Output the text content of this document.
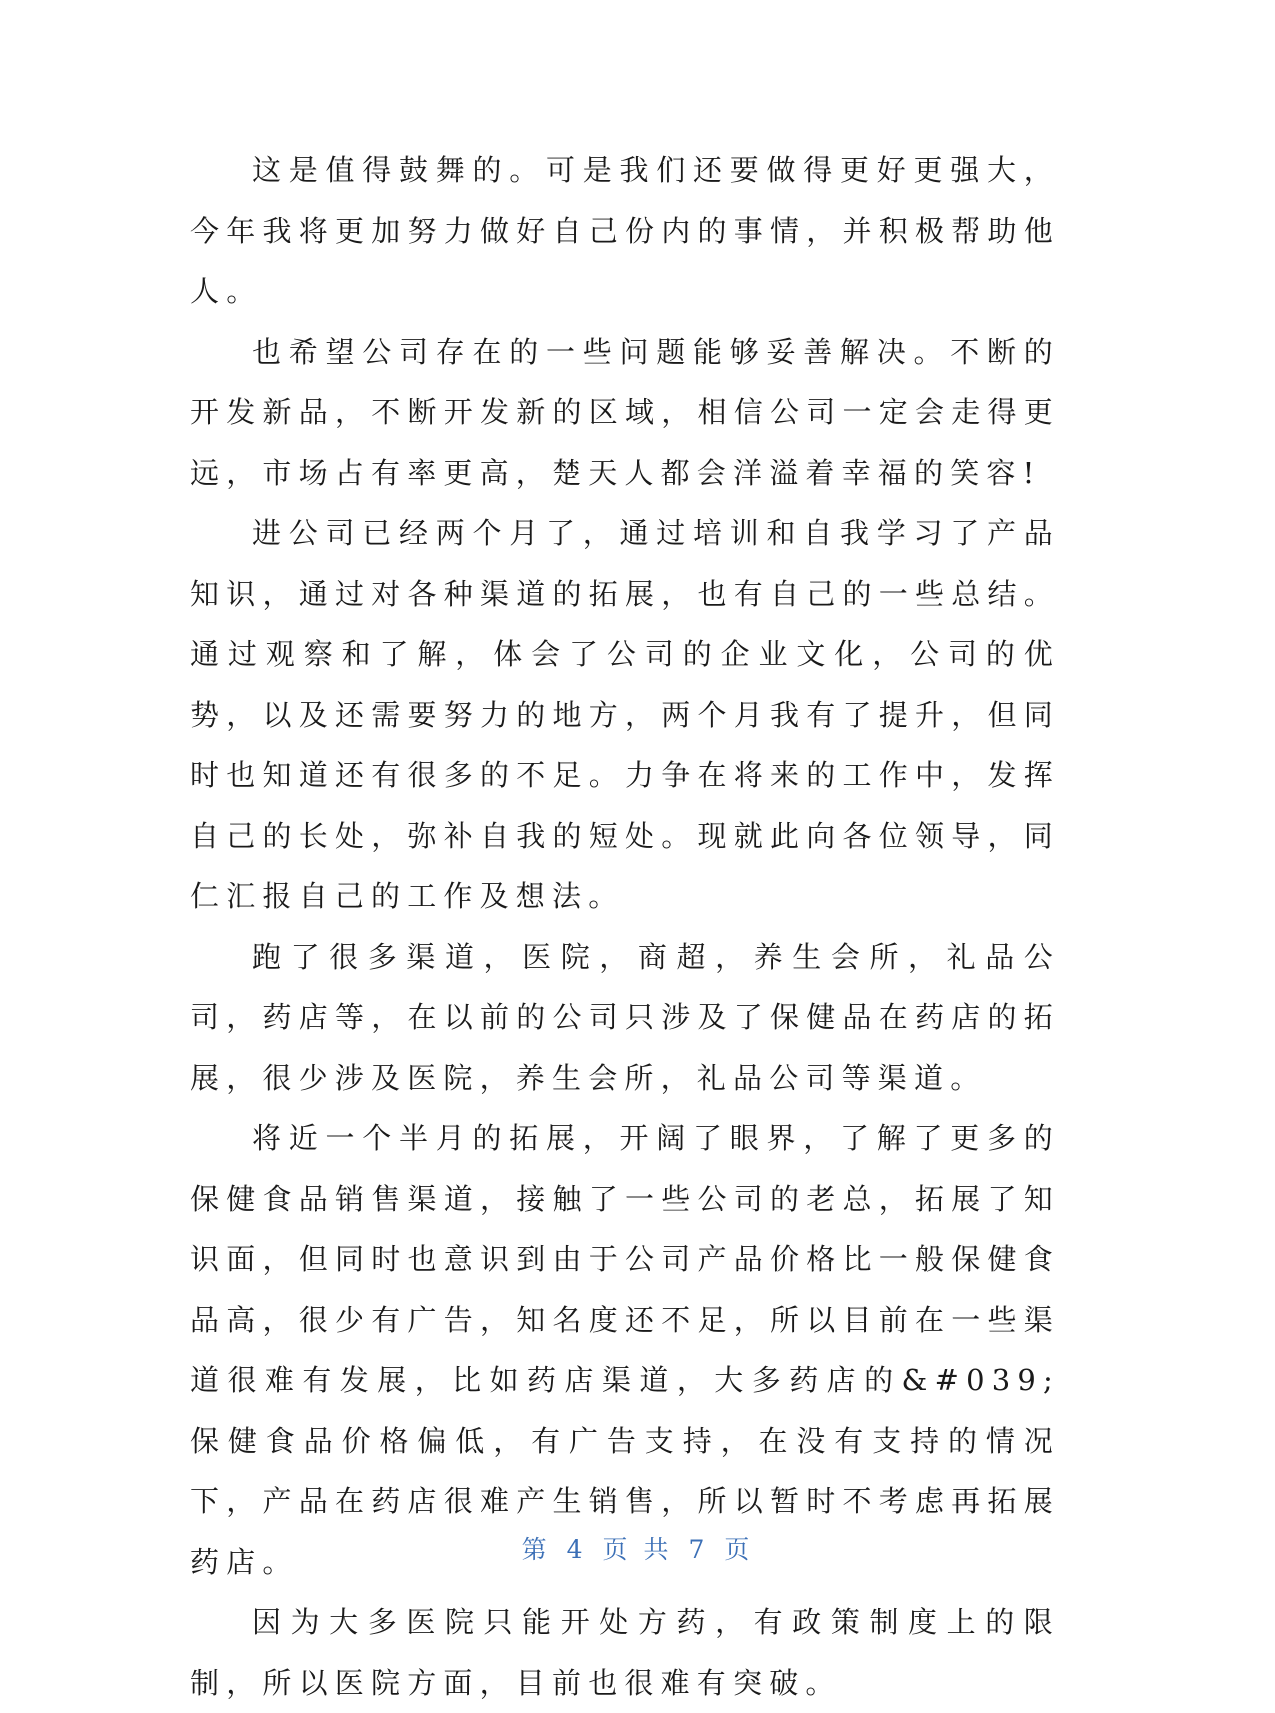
这是值得鼓舞的。可是我们还要做得更好更强大，今年我将更加努力做好自己份内的事情，并积极帮助他人。

也希望公司存在的一些问题能够妥善解决。不断的开发新品，不断开发新的区域，相信公司一定会走得更远，市场占有率更高，楚天人都会洋溢着幸福的笑容!

进公司已经两个月了，通过培训和自我学习了产品知识，通过对各种渠道的拓展，也有自己的一些总结。通过观察和了解，体会了公司的企业文化，公司的优势，以及还需要努力的地方，两个月我有了提升，但同时也知道还有很多的不足。力争在将来的工作中，发挥自己的长处，弥补自我的短处。现就此向各位领导，同仁汇报自己的工作及想法。

跑了很多渠道，医院，商超，养生会所，礼品公司，药店等，在以前的公司只涉及了保健品在药店的拓展，很少涉及医院，养生会所，礼品公司等渠道。

将近一个半月的拓展，开阔了眼界，了解了更多的保健食品销售渠道，接触了一些公司的老总，拓展了知识面，但同时也意识到由于公司产品价格比一般保健食品高，很少有广告，知名度还不足，所以目前在一些渠道很难有发展，比如药店渠道，大多药店的&#039;保健食品价格偏低，有广告支持，在没有支持的情况下，产品在药店很难产生销售，所以暂时不考虑再拓展药店。

因为大多医院只能开处方药，有政策制度上的限制，所以医院方面，目前也很难有突破。

第 4 页 共 7 页
